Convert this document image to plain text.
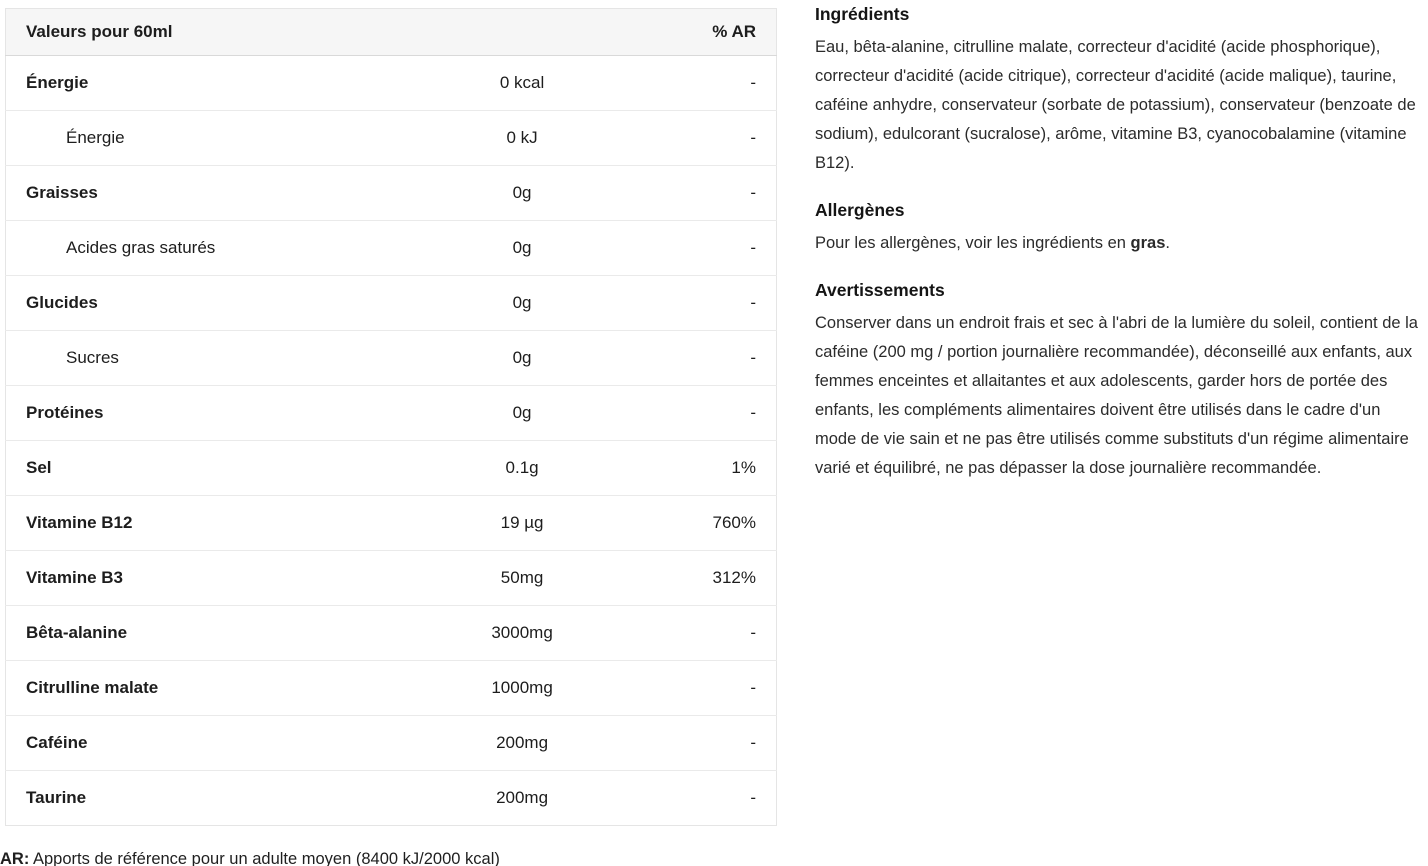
Valeurs pour 60ml		% AR
Énergie	0 kcal	-
Énergie	0 kJ	-
Graisses	0g	-
Acides gras saturés	0g	-
Glucides	0g	-
Sucres	0g	-
Protéines	0g	-
Sel	0.1g	1%
Vitamine B12	19 µg	760%
Vitamine B3	50mg	312%
Bêta-alanine	3000mg	-
Citrulline malate	1000mg	-
Caféine	200mg	-
Taurine	200mg	-

AR: Apports de référence pour un adulte moyen (8400 kJ/2000 kcal)

Ingrédients

Eau, bêta-alanine, citrulline malate, correcteur d'acidité (acide phosphorique), correcteur d'acidité (acide citrique), correcteur d'acidité (acide malique), taurine, caféine anhydre, conservateur (sorbate de potassium), conservateur (benzoate de sodium), edulcorant (sucralose), arôme, vitamine B3, cyanocobalamine (vitamine B12).

Allergènes

Pour les allergènes, voir les ingrédients en gras.

Avertissements

Conserver dans un endroit frais et sec à l'abri de la lumière du soleil, contient de la caféine (200 mg / portion journalière recommandée), déconseillé aux enfants, aux femmes enceintes et allaitantes et aux adolescents, garder hors de portée des enfants, les compléments alimentaires doivent être utilisés dans le cadre d'un mode de vie sain et ne pas être utilisés comme substituts d'un régime alimentaire varié et équilibré, ne pas dépasser la dose journalière recommandée.
